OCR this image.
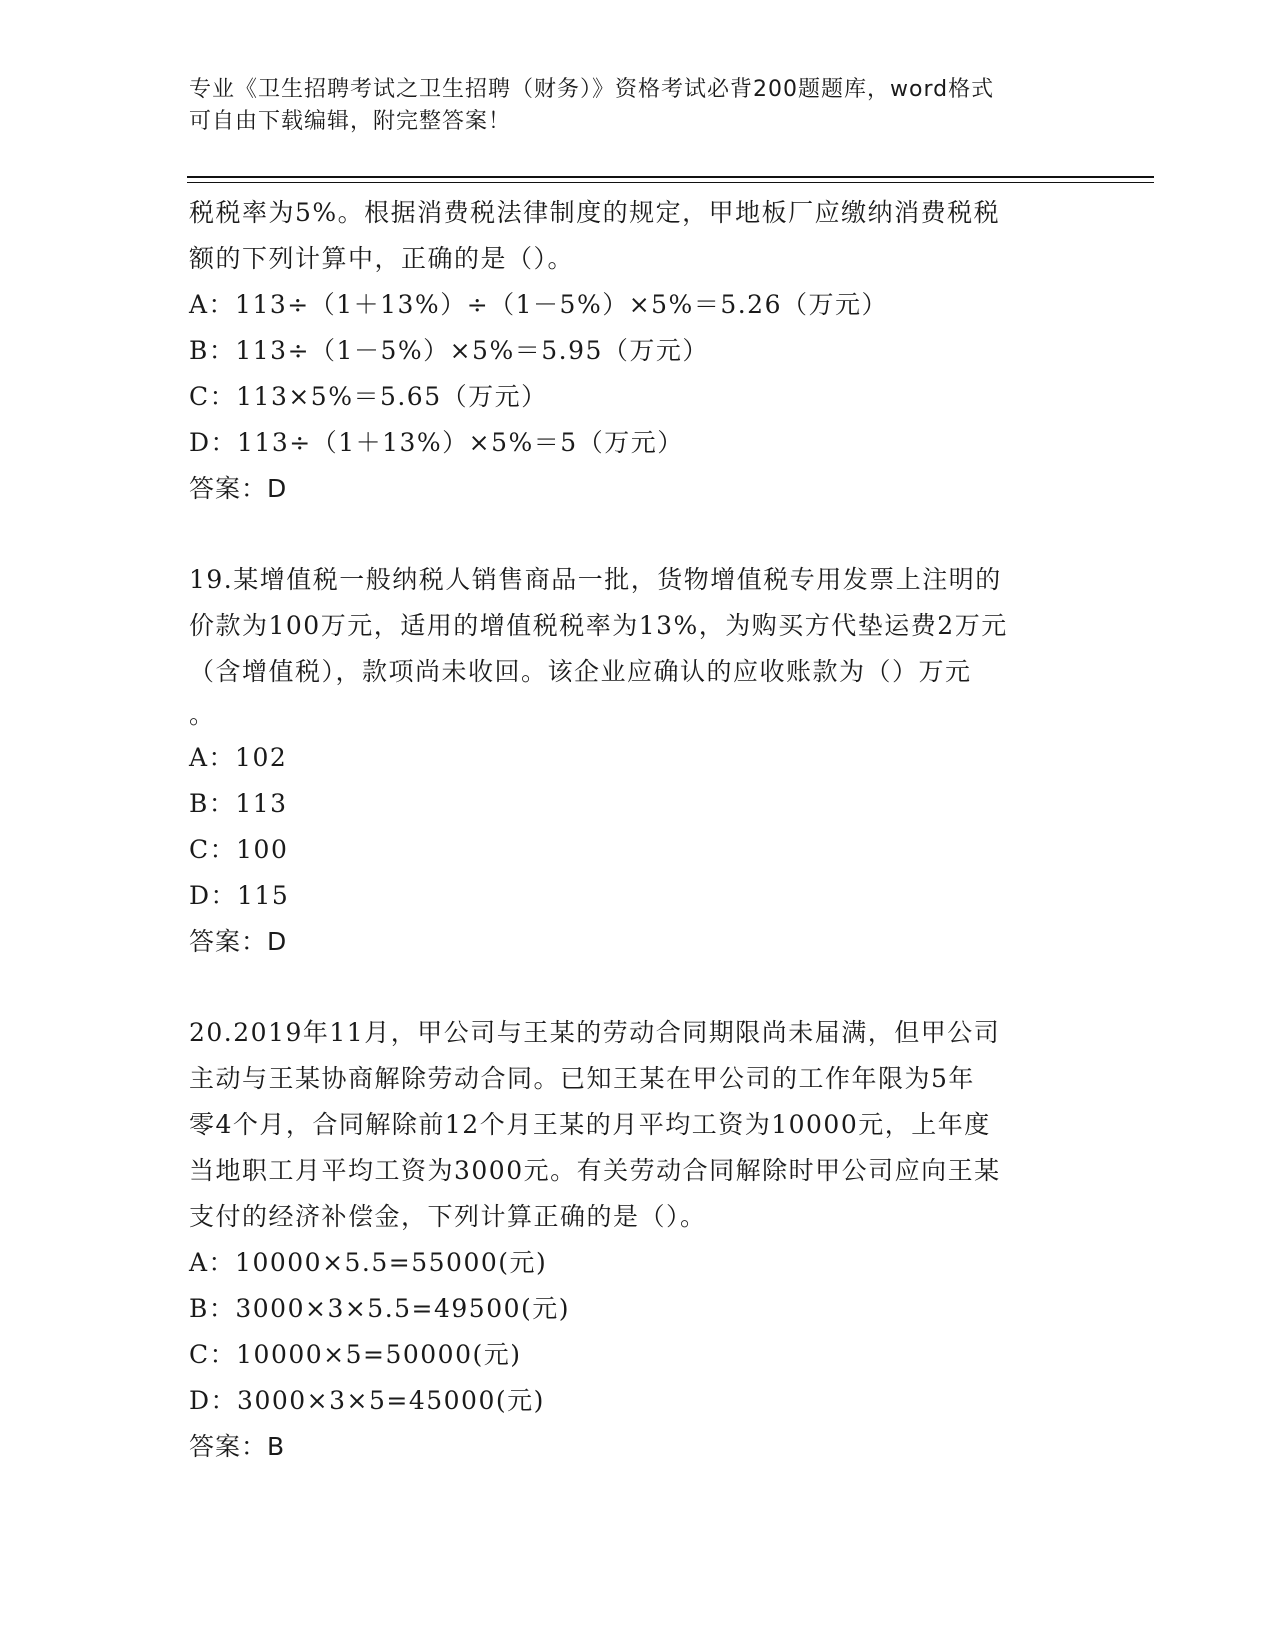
专业《卫生招聘考试之卫生招聘（财务）》资格考试必背200题题库，word格式
可自由下载编辑，附完整答案！
税税率为5%。根据消费税法律制度的规定，甲地板厂应缴纳消费税税
额的下列计算中，正确的是（）。
A：113÷（1＋13%）÷（1－5%）×5%＝5.26（万元）
B：113÷（1－5%）×5%＝5.95（万元）
C：113×5%＝5.65（万元）
D：113÷（1＋13%）×5%＝5（万元）
答案：D
19.某增值税一般纳税人销售商品一批，货物增值税专用发票上注明的
价款为100万元，适用的增值税税率为13%，为购买方代垫运费2万元
（含增值税），款项尚未收回。该企业应确认的应收账款为（）万元
。
A：102
B：113
C：100
D：115
答案：D
20.2019年11月，甲公司与王某的劳动合同期限尚未届满，但甲公司
主动与王某协商解除劳动合同。已知王某在甲公司的工作年限为5年
零4个月，合同解除前12个月王某的月平均工资为10000元，上年度
当地职工月平均工资为3000元。有关劳动合同解除时甲公司应向王某
支付的经济补偿金，下列计算正确的是（）。
A：10000×5.5=55000(元)
B：3000×3×5.5=49500(元)
C：10000×5=50000(元)
D：3000×3×5=45000(元)
答案：B
